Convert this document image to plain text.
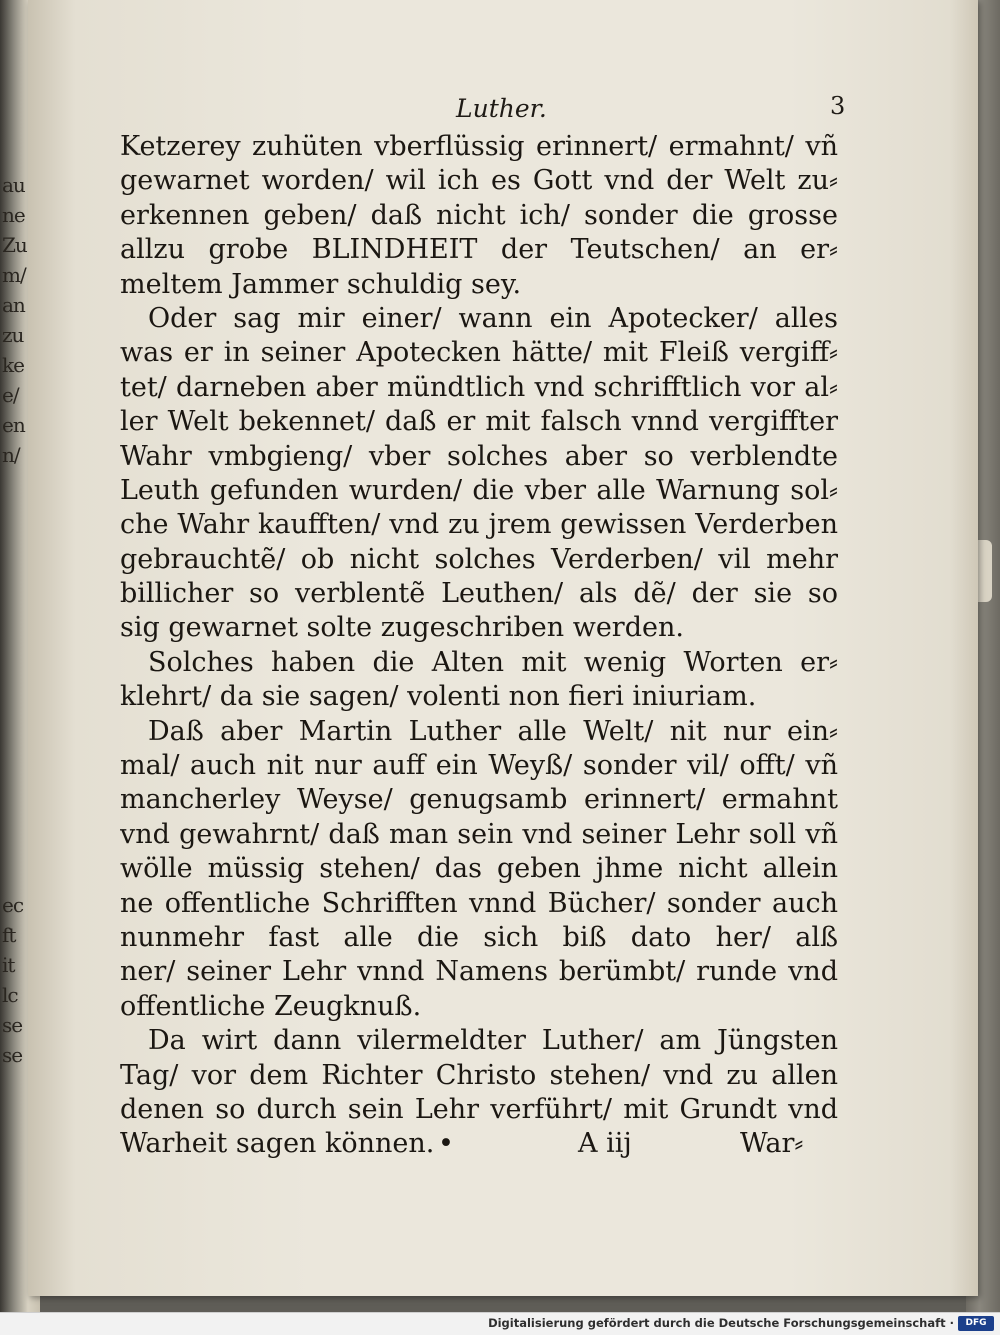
au
ne
Zu
m/
an
zu
ke
e/
en
n/

ec
ft
it
lc
se
se
Luther.	3
Ketzerey zuhüten vberflüssig erinnert/ ermahnt/ vñ
gewarnet worden/ wil ich es Gott vnd der Welt zu⸗
erkennen geben/ daß nicht ich/ sonder die grosse
allzu grobe BLINDHEIT der Teutschen/ an er⸗
meltem Jammer schuldig sey.
Oder sag mir einer/ wann ein Apotecker/ alles
was er in seiner Apotecken hätte/ mit Fleiß vergiff⸗
tet/ darneben aber mündtlich vnd schrifftlich vor al⸗
ler Welt bekennet/ daß er mit falsch vnnd vergiffter
Wahr vmbgieng/ vber solches aber so verblendte
Leuth gefunden wurden/ die vber alle Warnung sol⸗
che Wahr kaufften/ vnd zu jrem gewissen Verderben
gebrauchtẽ/ ob nicht solches Verderben/ vil mehr
billicher so verblentẽ Leuthen/ als dẽ/ der sie so
sig gewarnet solte zugeschriben werden.
Solches haben die Alten mit wenig Worten er⸗
klehrt/ da sie sagen/ volenti non fieri iniuriam.
Daß aber Martin Luther alle Welt/ nit nur ein⸗
mal/ auch nit nur auff ein Weyß/ sonder vil/ offt/ vñ
mancherley Weyse/ genugsamb erinnert/ ermahnt
vnd gewahrnt/ daß man sein vnd seiner Lehr soll vñ
wölle müssig stehen/ das geben jhme nicht allein
ne offentliche Schrifften vnnd Bücher/ sonder auch
nunmehr fast alle die sich biß dato her/ alß
ner/ seiner Lehr vnnd Namens berümbt/ runde vnd
offentliche Zeugknuß.
Da wirt dann vilermeldter Luther/ am Jüngsten
Tag/ vor dem Richter Christo stehen/ vnd zu allen
denen so durch sein Lehr verführt/ mit Grundt vnd
Warheit sagen können. •	A iij	War⸗
Digitalisierung gefördert durch die Deutsche Forschungsgemeinschaft ·	DFG
